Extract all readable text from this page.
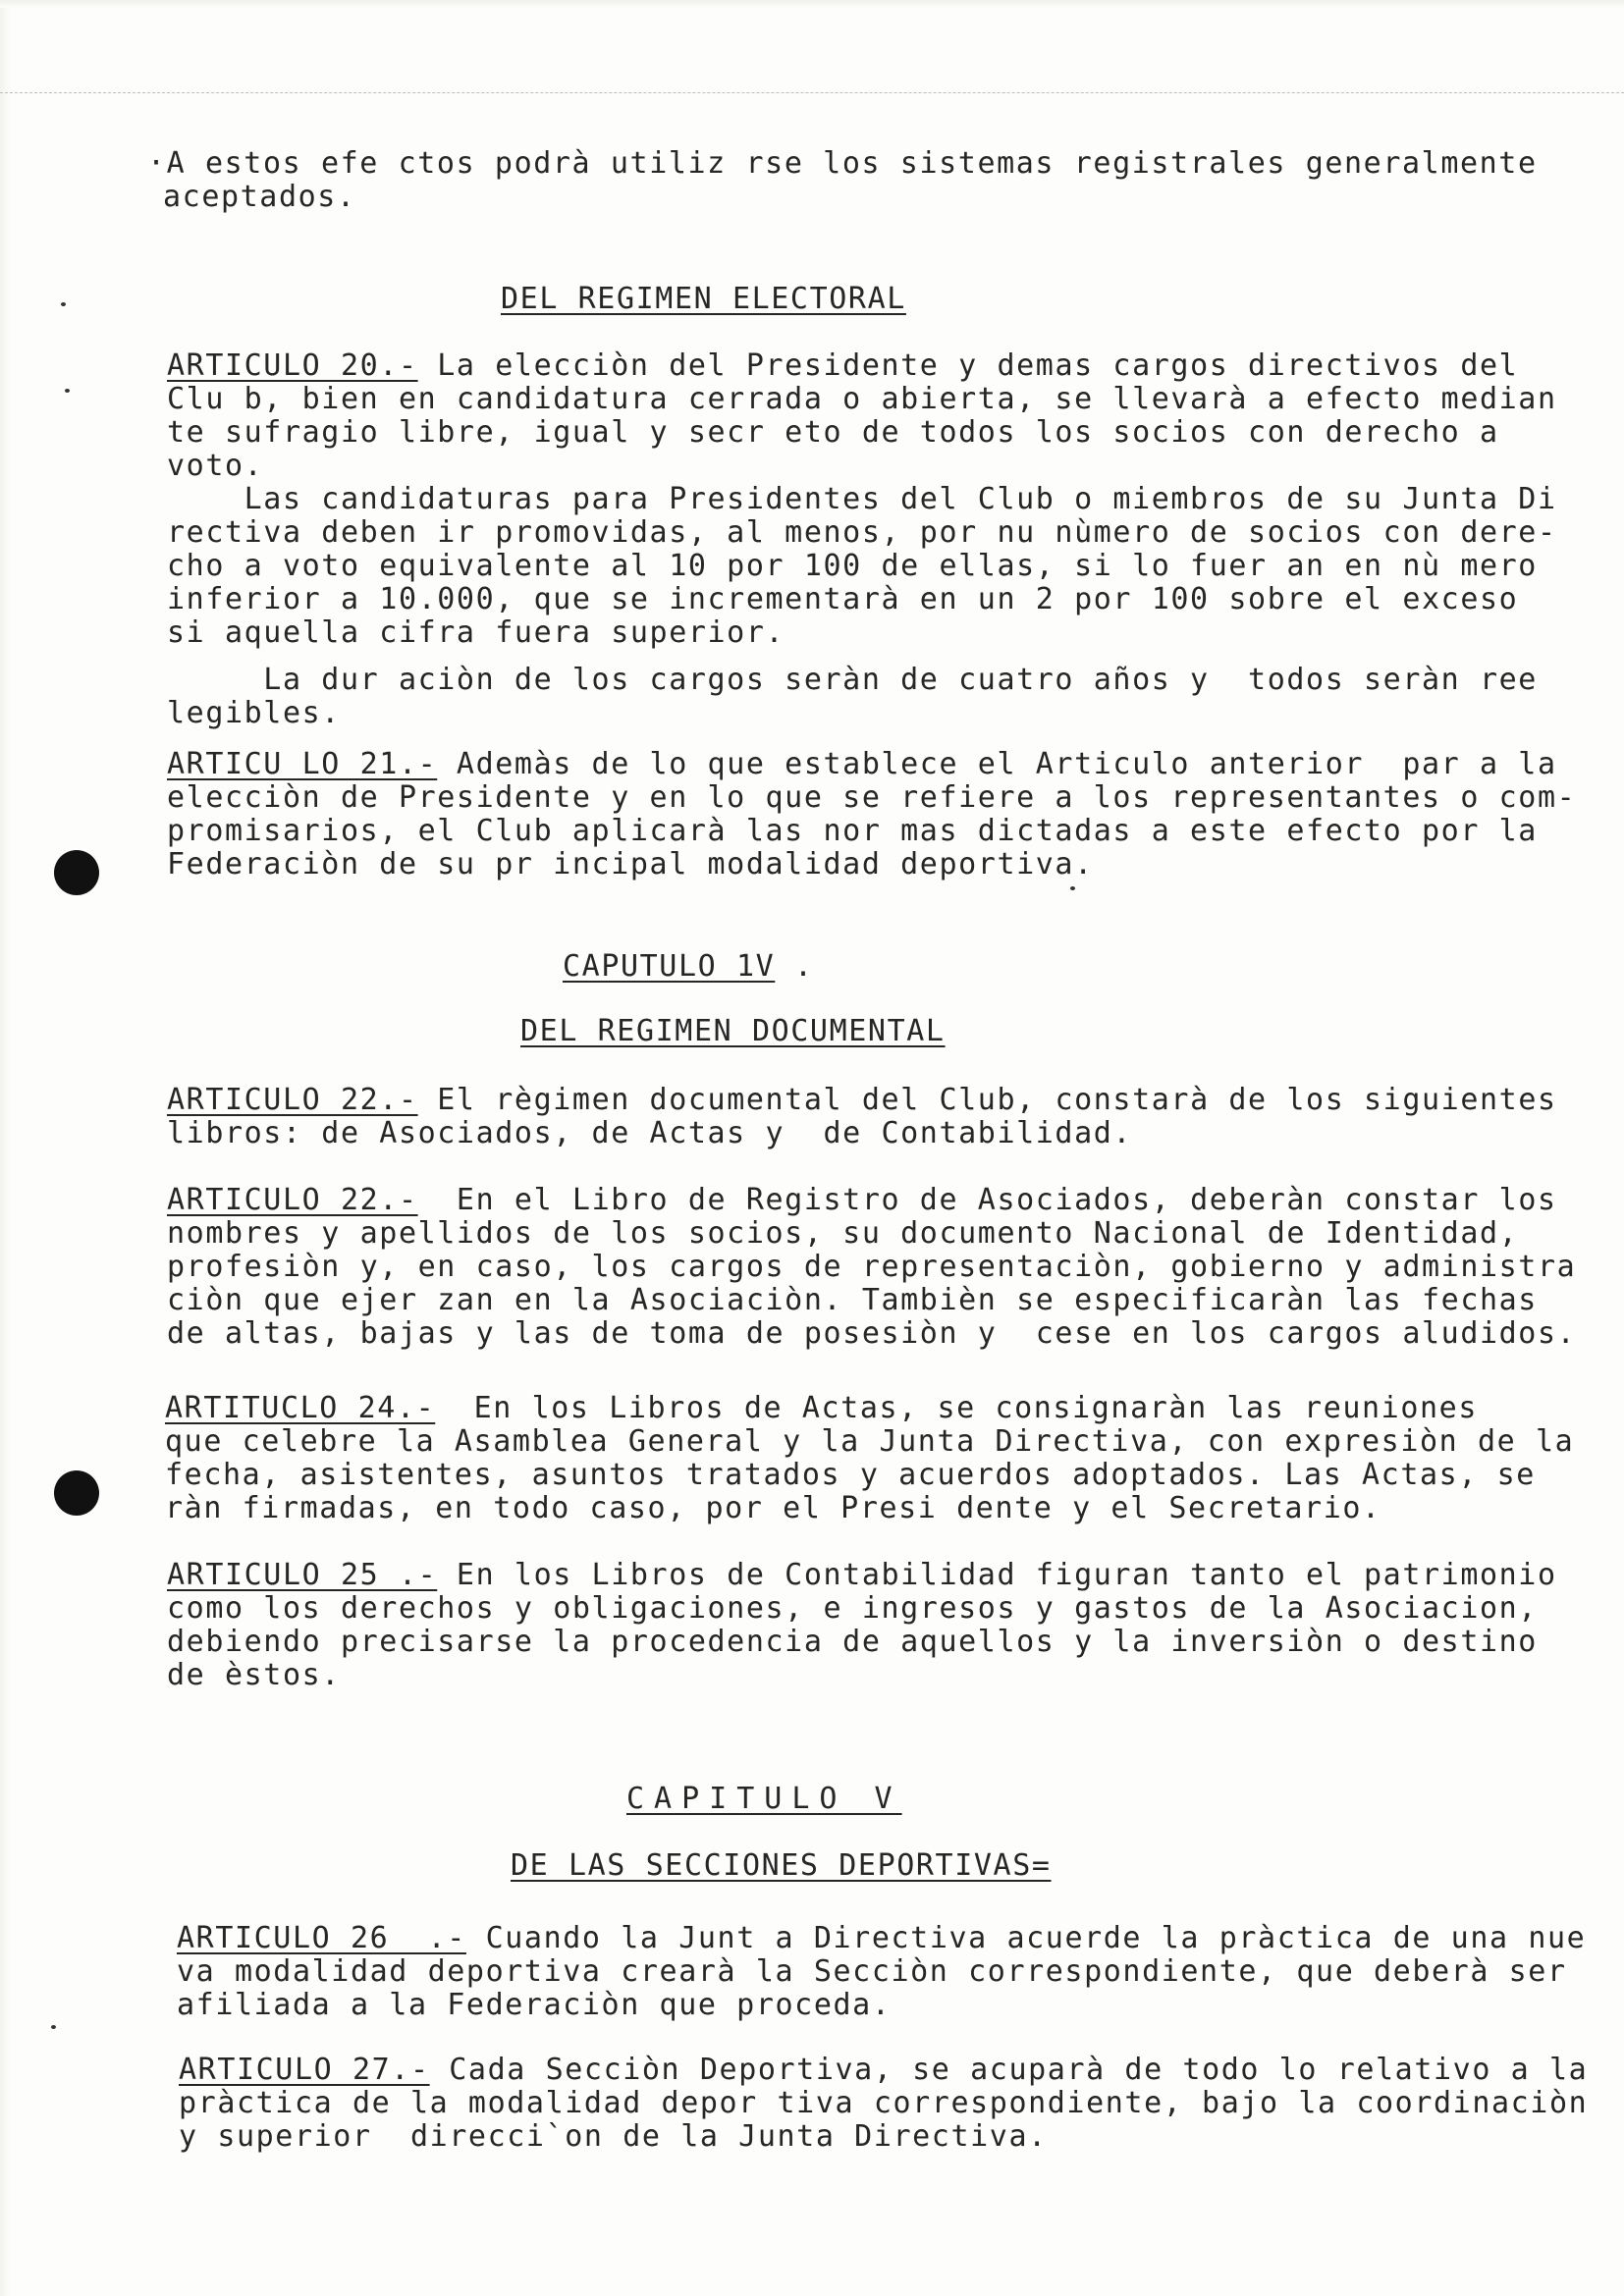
·A estos efe ctos podrà utiliz rse los sistemas registrales generalmente
aceptados.
DEL REGIMEN ELECTORAL
ARTICULO 20.- La elecciòn del Presidente y demas cargos directivos del
Clu b, bien en candidatura cerrada o abierta, se llevarà a efecto median
te sufragio libre, igual y secr eto de todos los socios con derecho a
voto.
Las candidaturas para Presidentes del Club o miembros de su Junta Di
rectiva deben ir promovidas, al menos, por nu nùmero de socios con dere-
cho a voto equivalente al 10 por 100 de ellas, si lo fuer an en nù mero
inferior a 10.000, que se incrementarà en un 2 por 100 sobre el exceso
si aquella cifra fuera superior.
La dur aciòn de los cargos seràn de cuatro años y  todos seràn ree
legibles.
ARTICU LO 21.- Ademàs de lo que establece el Articulo anterior  par a la
elecciòn de Presidente y en lo que se refiere a los representantes o com-
promisarios, el Club aplicarà las nor mas dictadas a este efecto por la
Federaciòn de su pr incipal modalidad deportiva.
CAPUTULO 1V .
DEL REGIMEN DOCUMENTAL
ARTICULO 22.- El règimen documental del Club, constarà de los siguientes
libros: de Asociados, de Actas y  de Contabilidad.
ARTICULO 22.-  En el Libro de Registro de Asociados, deberàn constar los
nombres y apellidos de los socios, su documento Nacional de Identidad,
profesiòn y, en caso, los cargos de representaciòn, gobierno y administra
ciòn que ejer zan en la Asociaciòn. Tambièn se especificaràn las fechas
de altas, bajas y las de toma de posesiòn y  cese en los cargos aludidos.
ARTITUCLO 24.-  En los Libros de Actas, se consignaràn las reuniones
que celebre la Asamblea General y la Junta Directiva, con expresiòn de la
fecha, asistentes, asuntos tratados y acuerdos adoptados. Las Actas, se
ràn firmadas, en todo caso, por el Presi dente y el Secretario.
ARTICULO 25 .- En los Libros de Contabilidad figuran tanto el patrimonio
como los derechos y obligaciones, e ingresos y gastos de la Asociacion,
debiendo precisarse la procedencia de aquellos y la inversiòn o destino
de èstos.
CAPITULO V
DE LAS SECCIONES DEPORTIVAS=
ARTICULO 26  .- Cuando la Junt a Directiva acuerde la pràctica de una nue
va modalidad deportiva crearà la Secciòn correspondiente, que deberà ser
afiliada a la Federaciòn que proceda.
ARTICULO 27.- Cada Secciòn Deportiva, se acuparà de todo lo relativo a la
pràctica de la modalidad depor tiva correspondiente, bajo la coordinaciòn
y superior  direcci`on de la Junta Directiva.
